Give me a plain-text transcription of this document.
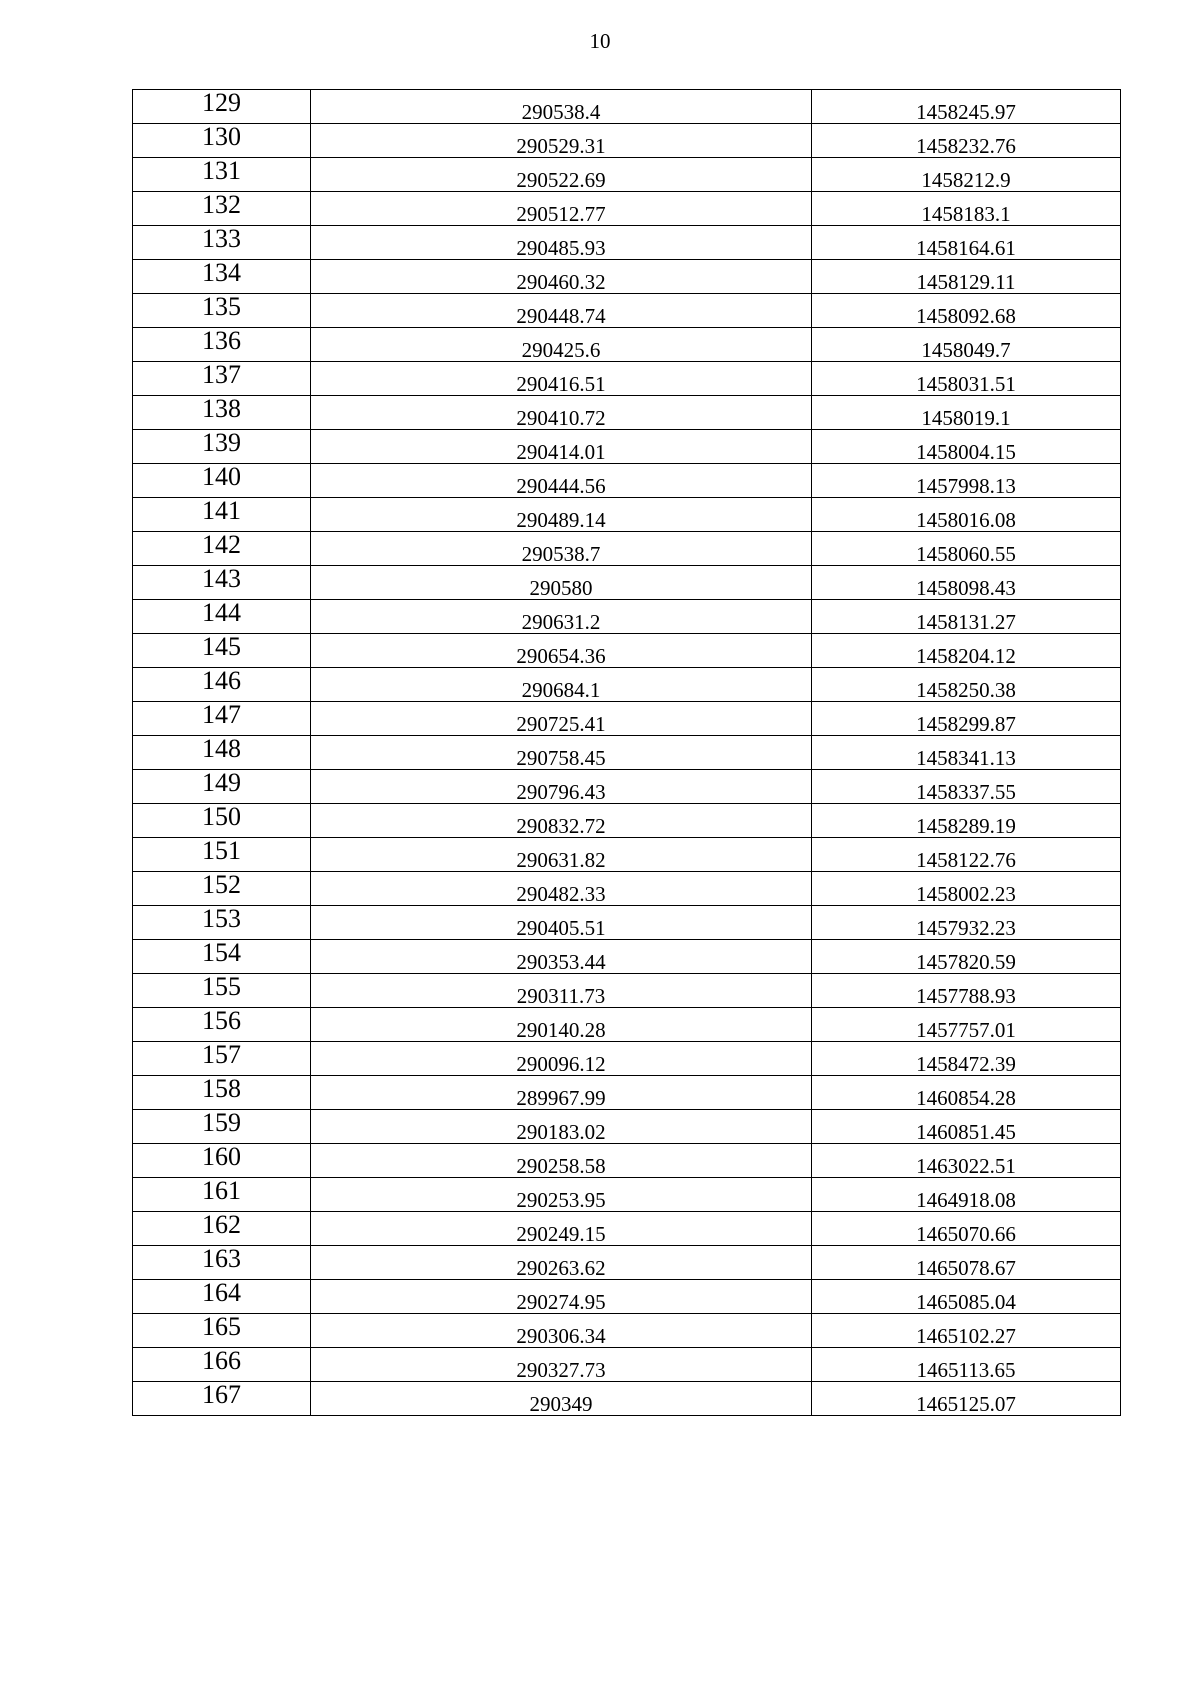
10
129	290538.4	1458245.97
130	290529.31	1458232.76
131	290522.69	1458212.9
132	290512.77	1458183.1
133	290485.93	1458164.61
134	290460.32	1458129.11
135	290448.74	1458092.68
136	290425.6	1458049.7
137	290416.51	1458031.51
138	290410.72	1458019.1
139	290414.01	1458004.15
140	290444.56	1457998.13
141	290489.14	1458016.08
142	290538.7	1458060.55
143	290580	1458098.43
144	290631.2	1458131.27
145	290654.36	1458204.12
146	290684.1	1458250.38
147	290725.41	1458299.87
148	290758.45	1458341.13
149	290796.43	1458337.55
150	290832.72	1458289.19
151	290631.82	1458122.76
152	290482.33	1458002.23
153	290405.51	1457932.23
154	290353.44	1457820.59
155	290311.73	1457788.93
156	290140.28	1457757.01
157	290096.12	1458472.39
158	289967.99	1460854.28
159	290183.02	1460851.45
160	290258.58	1463022.51
161	290253.95	1464918.08
162	290249.15	1465070.66
163	290263.62	1465078.67
164	290274.95	1465085.04
165	290306.34	1465102.27
166	290327.73	1465113.65
167	290349	1465125.07
